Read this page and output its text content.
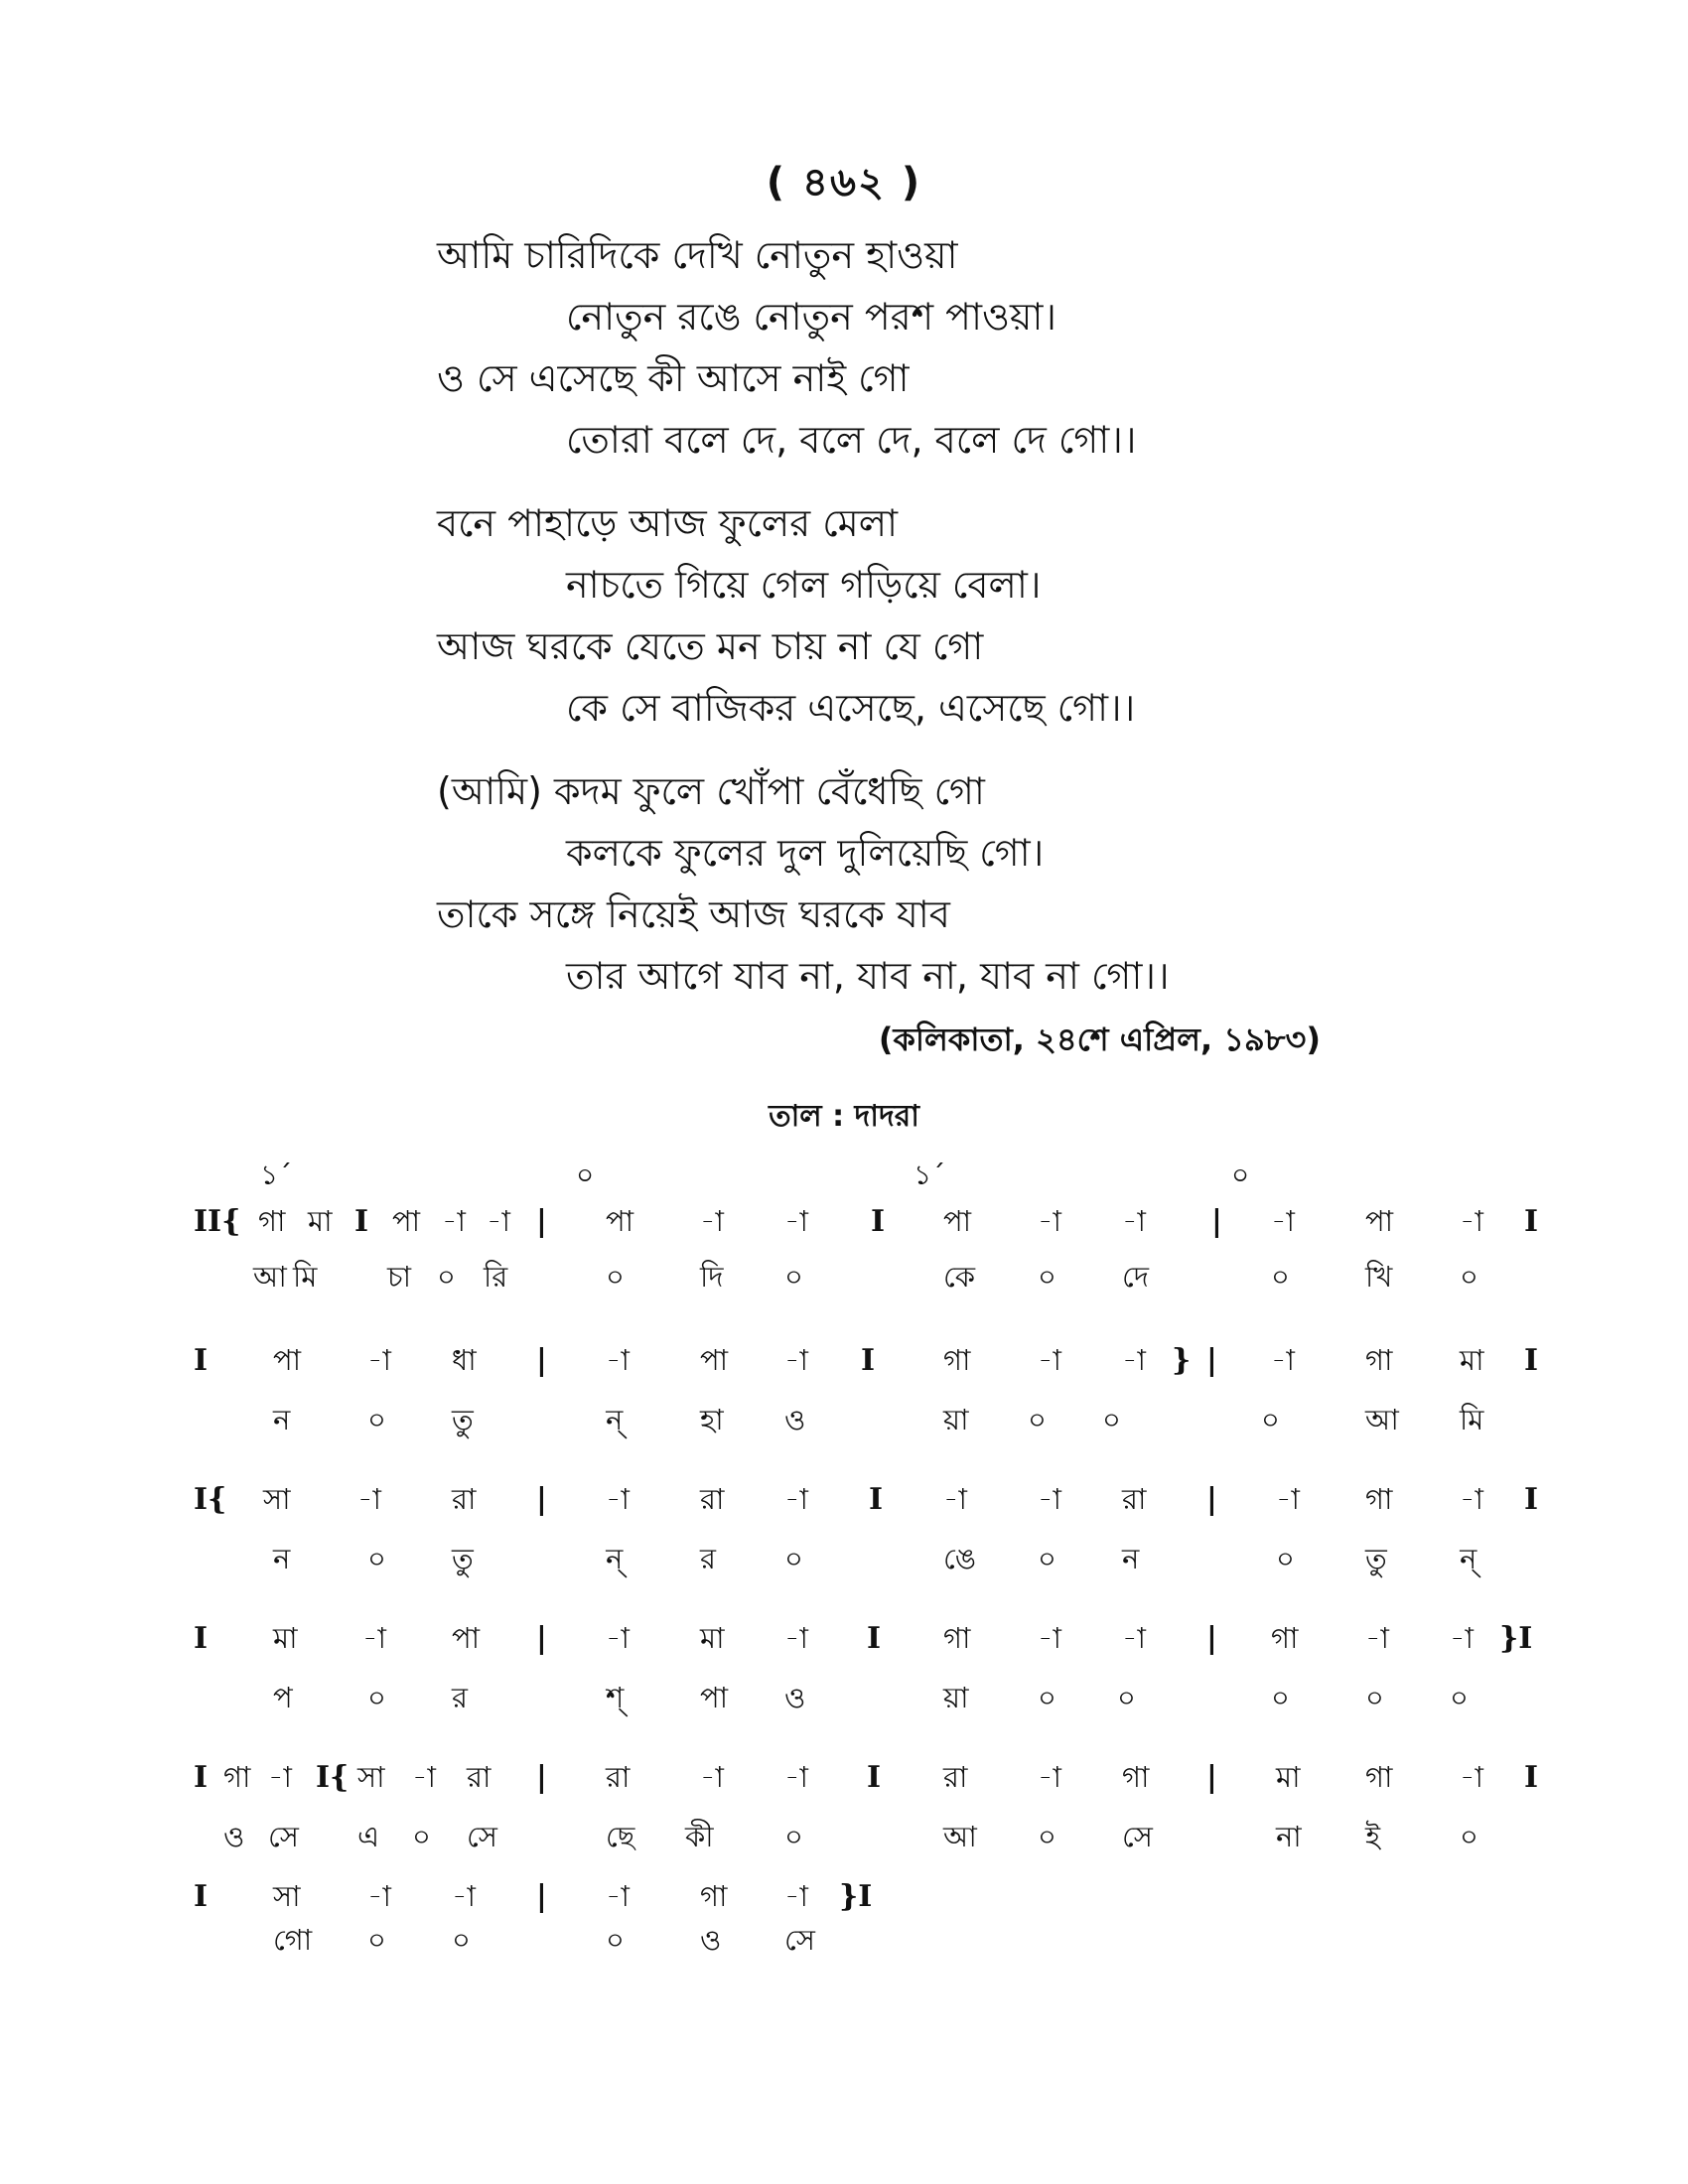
( ৪৬২ )
আমি চারিদিকে দেখি নোতুন হাওয়া
নোতুন রঙে নোতুন পরশ পাওয়া।
ও সে এসেছে কী আসে নাই গো
তোরা বলে দে, বলে দে, বলে দে গো।।
বনে পাহাড়ে আজ ফুলের মেলা
নাচতে গিয়ে গেল গড়িয়ে বেলা।
আজ ঘরকে যেতে মন চায় না যে গো
কে সে বাজিকর এসেছে, এসেছে গো।।
(আমি) কদম ফুলে খোঁপা বেঁধেছি গো
কলকে ফুলের দুল দুলিয়েছি গো।
তাকে সঙ্গে নিয়েই আজ ঘরকে যাব
তার আগে যাব না, যাব না, যাব না গো।।
(কলিকাতা, ২৪শে এপ্রিল, ১৯৮৩)
তাল : দাদরা
১´	০	১´	০
II{ গা মা I পা -া -া | পা -া -া I পা -া -া | -া পা -া I
আ মি চা ০ রি	০	দি ০	কে ০ দে	০	খি ০
I পা -া ধা | -া পা -া I গা -া -া } | -া গা মা I
ন	০ তু	ন্	হা ও	য়া ০ ০	০	আ মি
I{ সা -া রা | -া রা -া I -া -া রা | -া গা -া I
ন	০ তু	ন্	র ০	ঙে ০ ন	০ তু	ন্
I মা -া পা | -া মা -া I গা -া -া | গা -া -া }I
প	০ র	শ্	পা ও	য়া ০ ০	০	০ ০
I গা -া I{ সা -া রা | রা -া -া I রা -া গা | মা গা -া I
ও সে এ ০ সে	ছে কী ০	আ ০ সে	না ই	০
I সা -া -া | -া গা -া }I
গো ০ ০	০	ও সে
